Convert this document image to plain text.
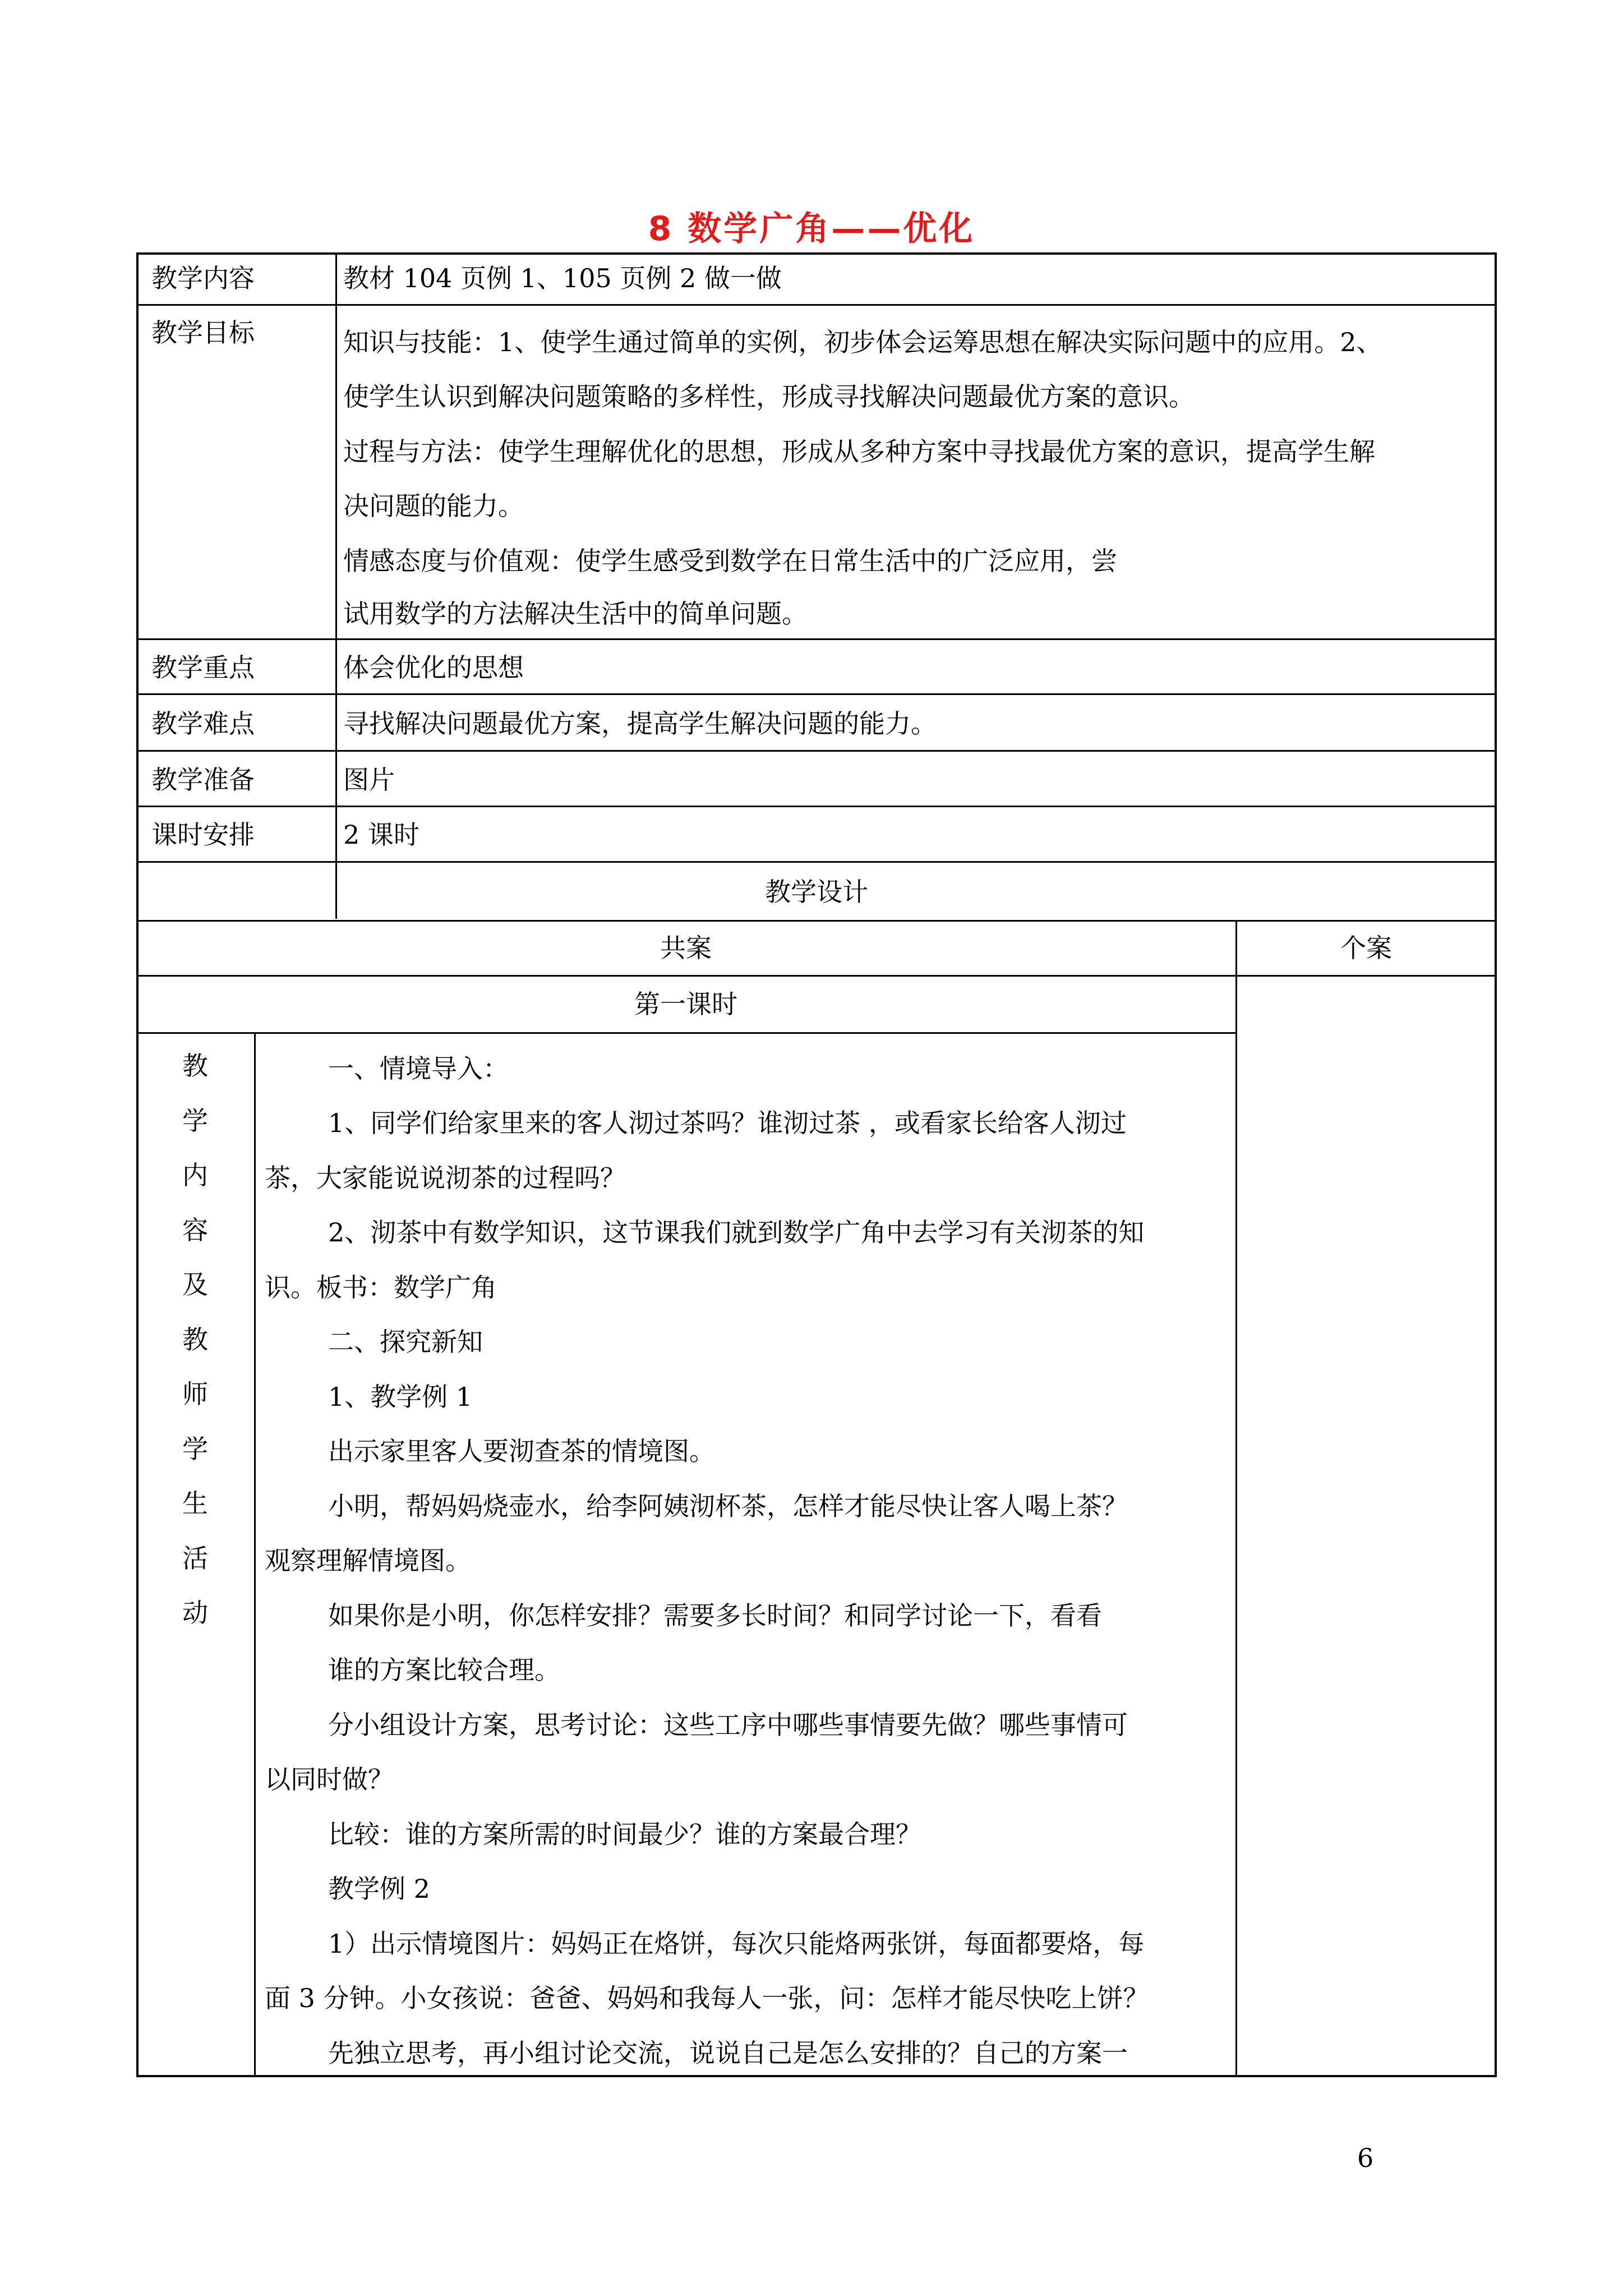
8 数学广角——优化
教学内容
教学目标
教学重点
教学难点
教学准备
课时安排
教材 104 页例 1、105 页例 2 做一做
知识与技能：1、使学生通过简单的实例，初步体会运筹思想在解决实际问题中的应用。2、
使学生认识到解决问题策略的多样性，形成寻找解决问题最优方案的意识。
过程与方法：使学生理解优化的思想，形成从多种方案中寻找最优方案的意识，提高学生解
决问题的能力。
情感态度与价值观：使学生感受到数学在日常生活中的广泛应用，尝
试用数学的方法解决生活中的简单问题。
体会优化的思想
寻找解决问题最优方案，提高学生解决问题的能力。
图片
2 课时
教学设计
共案	个案
第一课时
教
学
内
容
及
教
师
学
生
活
动
一、情境导入：
1、同学们给家里来的客人沏过茶吗？谁沏过茶 ，或看家长给客人沏过
茶，大家能说说沏茶的过程吗？
2、沏茶中有数学知识，这节课我们就到数学广角中去学习有关沏茶的知
识。板书：数学广角
二、探究新知
1、教学例 1
出示家里客人要沏查茶的情境图。
小明，帮妈妈烧壶水，给李阿姨沏杯茶，怎样才能尽快让客人喝上茶？
观察理解情境图。
如果你是小明，你怎样安排？需要多长时间？和同学讨论一下，看看
谁的方案比较合理。
分小组设计方案，思考讨论：这些工序中哪些事情要先做？哪些事情可
以同时做？
比较：谁的方案所需的时间最少？谁的方案最合理？
教学例 2
1）出示情境图片：妈妈正在烙饼，每次只能烙两张饼，每面都要烙，每
面 3 分钟。小女孩说：爸爸、妈妈和我每人一张，问：怎样才能尽快吃上饼？
先独立思考，再小组讨论交流，说说自己是怎么安排的？自己的方案一
6
